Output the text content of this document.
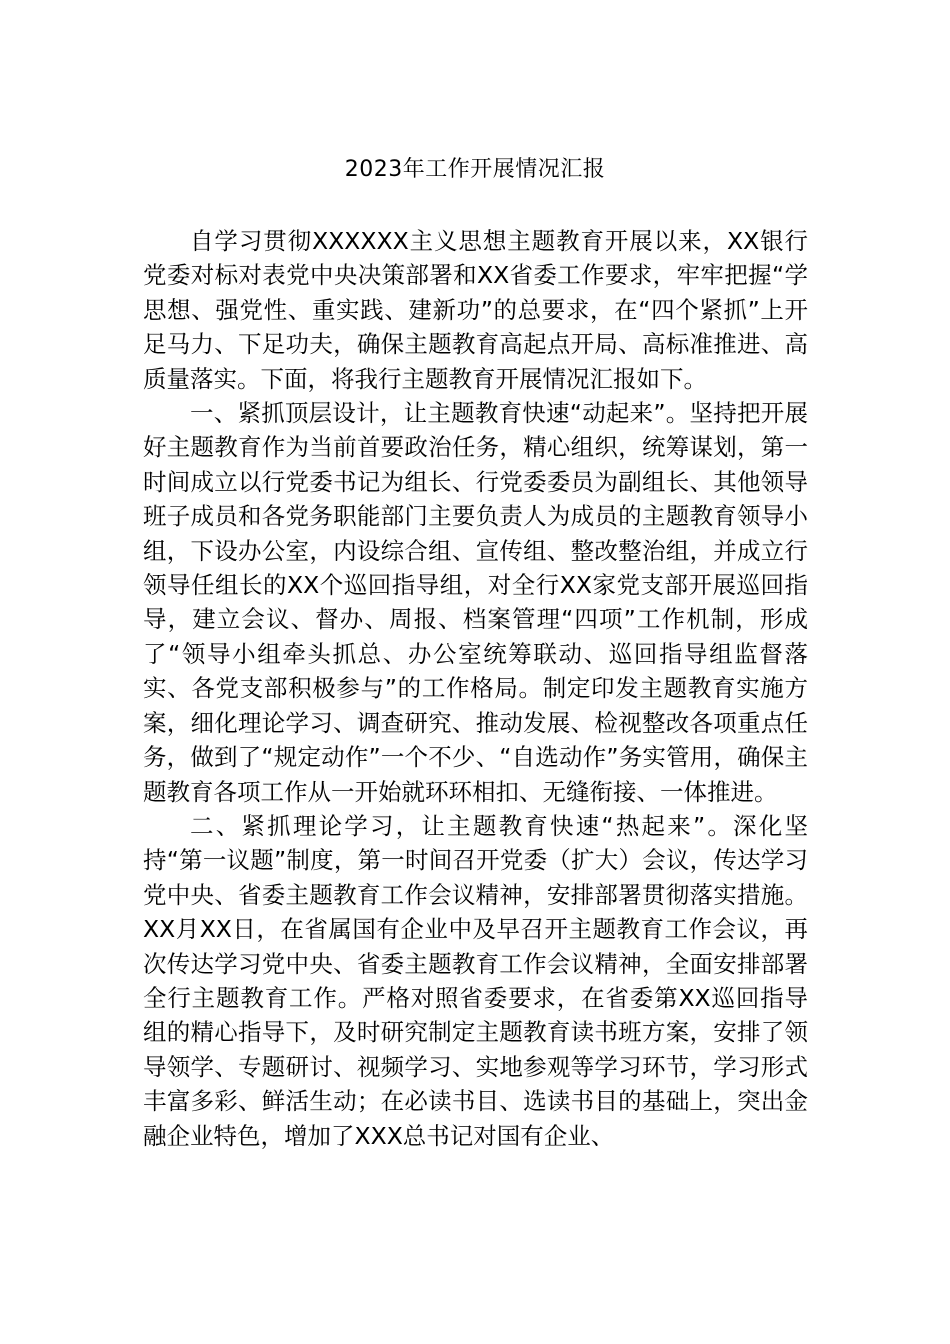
2023年工作开展情况汇报

自学习贯彻XXXXXX主义思想主题教育开展以来，XX银行党委对标对表党中央决策部署和XX省委工作要求，牢牢把握“学思想、强党性、重实践、建新功”的总要求，在“四个紧抓”上开足马力、下足功夫，确保主题教育高起点开局、高标准推进、高质量落实。下面，将我行主题教育开展情况汇报如下。

一、紧抓顶层设计，让主题教育快速“动起来”。坚持把开展好主题教育作为当前首要政治任务，精心组织，统筹谋划，第一时间成立以行党委书记为组长、行党委委员为副组长、其他领导班子成员和各党务职能部门主要负责人为成员的主题教育领导小组，下设办公室，内设综合组、宣传组、整改整治组，并成立行领导任组长的XX个巡回指导组，对全行XX家党支部开展巡回指导，建立会议、督办、周报、档案管理“四项”工作机制，形成了“领导小组牵头抓总、办公室统筹联动、巡回指导组监督落实、各党支部积极参与”的工作格局。制定印发主题教育实施方案，细化理论学习、调查研究、推动发展、检视整改各项重点任务，做到了“规定动作”一个不少、“自选动作”务实管用，确保主题教育各项工作从一开始就环环相扣、无缝衔接、一体推进。

二、紧抓理论学习，让主题教育快速“热起来”。深化坚持“第一议题”制度，第一时间召开党委（扩大）会议，传达学习党中央、省委主题教育工作会议精神，安排部署贯彻落实措施。XX月XX日，在省属国有企业中及早召开主题教育工作会议，再次传达学习党中央、省委主题教育工作会议精神，全面安排部署全行主题教育工作。严格对照省委要求，在省委第XX巡回指导组的精心指导下，及时研究制定主题教育读书班方案，安排了领导领学、专题研讨、视频学习、实地参观等学习环节，学习形式丰富多彩、鲜活生动；在必读书目、选读书目的基础上，突出金融企业特色，增加了XXX总书记对国有企业、
